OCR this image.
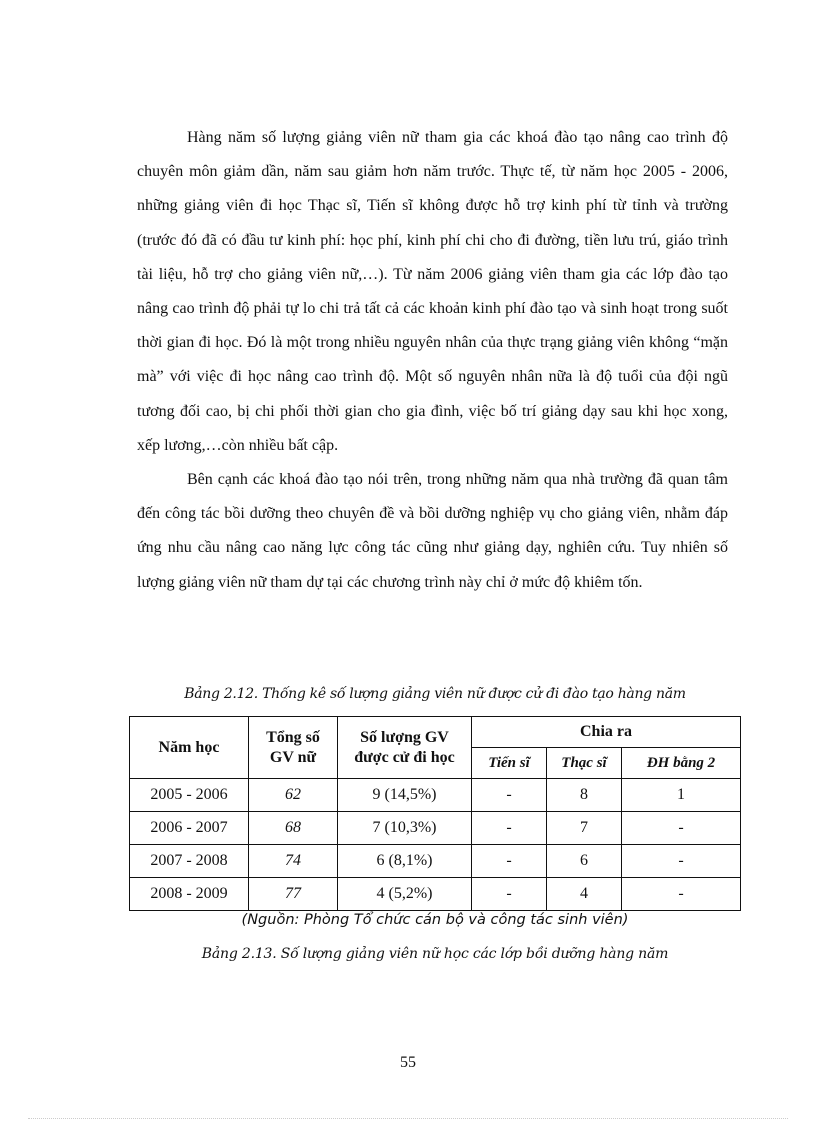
Hàng năm số lượng giảng viên nữ tham gia các khoá đào tạo nâng cao trình độ chuyên môn giảm dần, năm sau giảm hơn năm trước. Thực tế, từ năm học 2005 - 2006, những giảng viên đi học Thạc sĩ, Tiến sĩ không được hỗ trợ kinh phí từ tỉnh và trường (trước đó đã có đầu tư kinh phí: học phí, kinh phí chi cho đi đường, tiền lưu trú, giáo trình tài liệu, hỗ trợ cho giảng viên nữ,…). Từ năm 2006 giảng viên tham gia các lớp đào tạo nâng cao trình độ phải tự lo chi trả tất cả các khoản kinh phí đào tạo và sinh hoạt trong suốt thời gian đi học. Đó là một trong nhiều nguyên nhân của thực trạng giảng viên không “mặn mà” với việc đi học nâng cao trình độ. Một số nguyên nhân nữa là độ tuổi của đội ngũ tương đối cao, bị chi phối thời gian cho gia đình, việc bố trí giảng dạy sau khi học xong, xếp lương,…còn nhiều bất cập.

Bên cạnh các khoá đào tạo nói trên, trong những năm qua nhà trường đã quan tâm đến công tác bồi dưỡng theo chuyên đề và bồi dưỡng nghiệp vụ cho giảng viên, nhằm đáp ứng nhu cầu nâng cao năng lực công tác cũng như giảng dạy, nghiên cứu. Tuy nhiên số lượng giảng viên nữ tham dự tại các chương trình này chỉ ở mức độ khiêm tốn.

Bảng 2.12. Thống kê số lượng giảng viên nữ được cử đi đào tạo hàng năm
Năm học	Tổng số GV nữ	Số lượng GV được cử đi học	Chia ra		
			Tiến sĩ	Thạc sĩ	ĐH bằng 2
2005 - 2006	62	9 (14,5%)	-	8	1
2006 - 2007	68	7 (10,3%)	-	7	-
2007 - 2008	74	6 (8,1%)	-	6	-
2008 - 2009	77	4 (5,2%)	-	4	-
(Nguồn: Phòng Tổ chức cán bộ và công tác sinh viên)
Bảng 2.13. Số lượng giảng viên nữ học các lớp bồi dưỡng hàng năm
55
